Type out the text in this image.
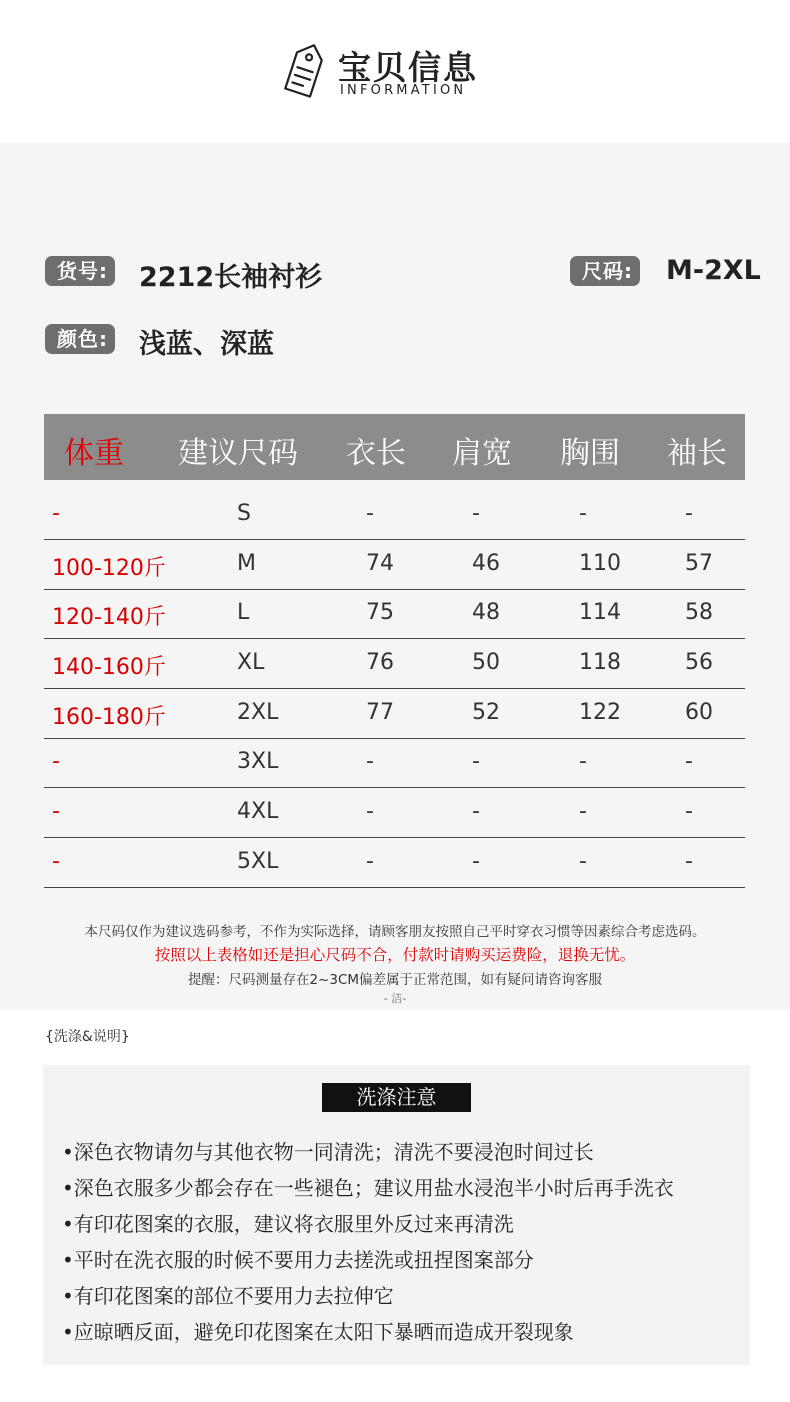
宝贝信息
INFORMATION
货号: 2212长袖衬衫	尺码: M-2XL
颜色: 浅蓝、深蓝
体重 建议尺码 衣长 肩宽 胸围 袖长
-	S	-	-	-	-
100-120斤	M	74	46	110	57
120-140斤	L	75	48	114	58
140-160斤	XL	76	50	118	56
160-180斤	2XL	77	52	122	60
-	3XL	-	-	-	-
-	4XL	-	-	-	-
-	5XL	-	-	-	-
本尺码仅作为建议选码参考，不作为实际选择，请顾客朋友按照自己平时穿衣习惯等因素综合考虑选码。
按照以上表格如还是担心尺码不合，付款时请购买运费险，退换无忧。
提醒：尺码测量存在2~3CM偏差属于正常范围，如有疑问请咨询客服
- 洁-
{洗涤&说明}
洗涤注意
•深色衣物请勿与其他衣物一同清洗；清洗不要浸泡时间过长
•深色衣服多少都会存在一些褪色；建议用盐水浸泡半小时后再手洗衣
•有印花图案的衣服，建议将衣服里外反过来再清洗
•平时在洗衣服的时候不要用力去搓洗或扭捏图案部分
•有印花图案的部位不要用力去拉伸它
•应晾晒反面，避免印花图案在太阳下暴晒而造成开裂现象
